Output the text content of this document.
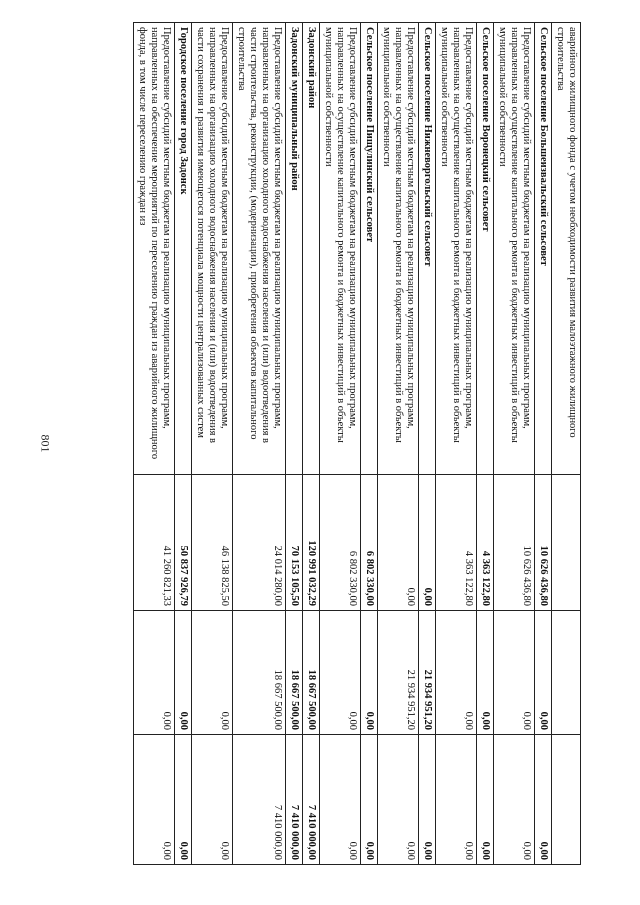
801
аварийного жилищного фонда с учетом необходимости развития малоэтажного жилищного строительства			
Сельское поселение Большеизвальский сельсовет	10 626 436,80	0,00	0,00
Предоставление субсидий местным бюджетам на реализацию муниципальных программ, направленных на осуществление капитального ремонта и бюджетных инвестиций в объекты муниципальной собственности	10 626 436,80	0,00	0,00
Сельское поселение Воронецкий сельсовет	4 363 122,80	0,00	0,00
Предоставление субсидий местным бюджетам на реализацию муниципальных программ, направленных на осуществление капитального ремонта и бюджетных инвестиций в объекты муниципальной собственности	4 363 122,80	0,00	0,00
Сельское поселение Нижневоргольский сельсовет	0,00	21 934 951,20	0,00
Предоставление субсидий местным бюджетам на реализацию муниципальных программ, направленных на осуществление капитального ремонта и бюджетных инвестиций в объекты муниципальной собственности	0,00	21 934 951,20	0,00
Сельское поселение Пищулинский сельсовет	6 802 330,00	0,00	0,00
Предоставление субсидий местным бюджетам на реализацию муниципальных программ, направленных на осуществление капитального ремонта и бюджетных инвестиций в объекты муниципальной собственности	6 802 330,00	0,00	0,00
Задонский район	120 991 032,29	18 667 500,00	7 410 000,00
Задонский муниципальный район	70 153 105,50	18 667 500,00	7 410 000,00
Предоставление субсидий местным бюджетам на реализацию муниципальных программ, направленных на организацию холодного водоснабжения населения и (или) водоотведения в части строительства, реконструкции, (модернизации), приобретения объектов капитального строительства	24 014 280,00	18 667 500,00	7 410 000,00
Предоставление субсидий местным бюджетам на реализацию муниципальных программ, направленных на организацию холодного водоснабжения населения и (или) водоотведения в части сохранения и развития имеющегося потенциала мощности централизованных систем	46 138 825,50	0,00	0,00
Городское поселение город Задонск	50 837 926,79	0,00	0,00
Предоставление субсидий местным бюджетам на реализацию муниципальных программ, направленных на обеспечение мероприятий по переселению граждан из аварийного жилищного фонда, в том числе переселению граждан из	41 260 821,33	0,00	0,00
